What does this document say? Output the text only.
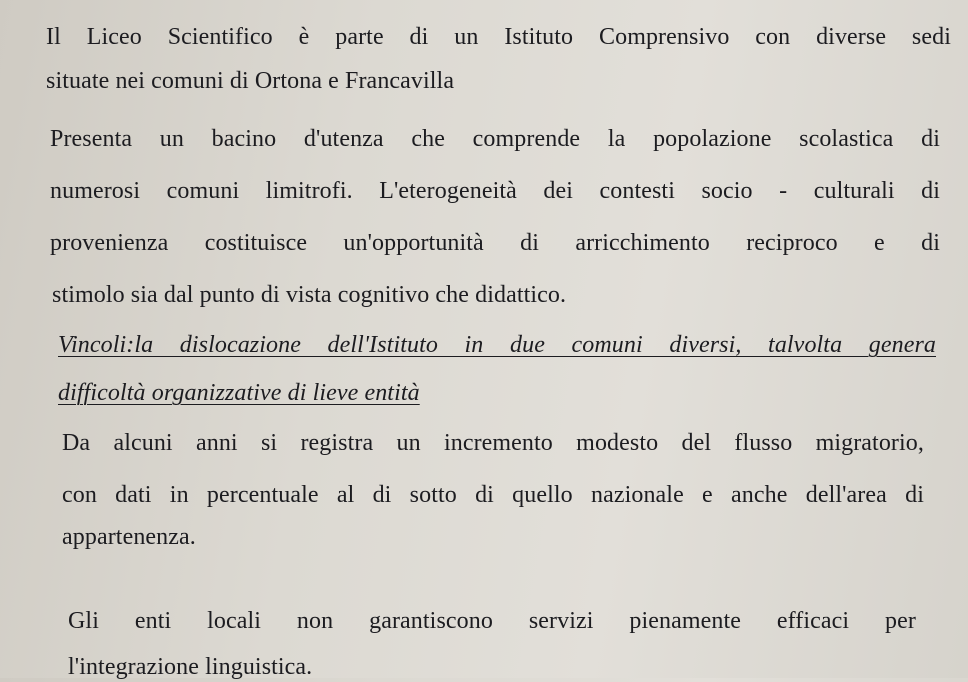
Il Liceo Scientifico è parte di un Istituto Comprensivo con diverse sedi
situate nei comuni di Ortona e Francavilla
Presenta un bacino d'utenza che comprende la popolazione scolastica di
numerosi comuni limitrofi. L'eterogeneità dei contesti socio - culturali di
provenienza costituisce un'opportunità di arricchimento reciproco e di
stimolo sia dal punto di vista cognitivo che didattico.
Vincoli:la dislocazione dell'Istituto in due comuni diversi, talvolta genera
difficoltà organizzative di lieve entità
Da alcuni anni si registra un incremento modesto del flusso migratorio,
con dati in percentuale al di sotto di quello nazionale e anche dell'area di
appartenenza.
Gli enti locali non garantiscono servizi pienamente efficaci per
l'integrazione linguistica.
